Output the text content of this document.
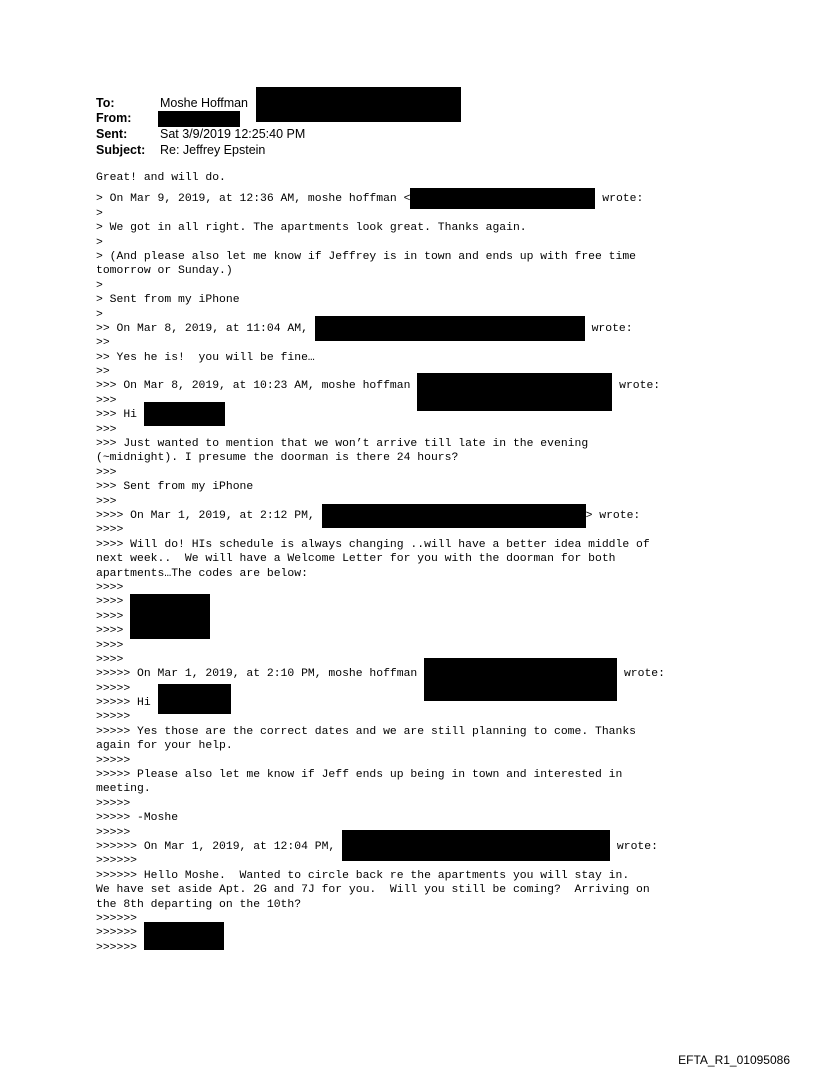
To:	Moshe Hoffman
From:
Sent:	Sat 3/9/2019 12:25:40 PM
Subject: Re: Jeffrey Epstein
Great! and will do.
> On Mar 9, 2019, at 12:36 AM, moshe hoffman <	wrote:
>
> We got in all right. The apartments look great. Thanks again.
>
> (And please also let me know if Jeffrey is in town and ends up with free time
tomorrow or Sunday.)
>
> Sent from my iPhone
>
>> On Mar 8, 2019, at 11:04 AM,	wrote:
>>
>> Yes he is!  you will be fine…
>>
>>> On Mar 8, 2019, at 10:23 AM, moshe hoffman	wrote:
>>>
>>> Hi
>>>
>>> Just wanted to mention that we won’t arrive till late in the evening
(~midnight). I presume the doorman is there 24 hours?
>>>
>>> Sent from my iPhone
>>>
>>>> On Mar 1, 2019, at 2:12 PM,	> wrote:
>>>>
>>>> Will do! HIs schedule is always changing ..will have a better idea middle of
next week..  We will have a Welcome Letter for you with the doorman for both
apartments…The codes are below:
>>>>
>>>>
>>>>
>>>>
>>>>
>>>>
>>>>> On Mar 1, 2019, at 2:10 PM, moshe hoffman	wrote:
>>>>>
>>>>> Hi
>>>>>
>>>>> Yes those are the correct dates and we are still planning to come. Thanks
again for your help.
>>>>>
>>>>> Please also let me know if Jeff ends up being in town and interested in
meeting.
>>>>>
>>>>> -Moshe
>>>>>
>>>>>> On Mar 1, 2019, at 12:04 PM,	wrote:
>>>>>>
>>>>>> Hello Moshe.  Wanted to circle back re the apartments you will stay in.
We have set aside Apt. 2G and 7J for you.  Will you still be coming?  Arriving on
the 8th departing on the 10th?
>>>>>>
>>>>>>
>>>>>>
EFTA_R1_01095086
